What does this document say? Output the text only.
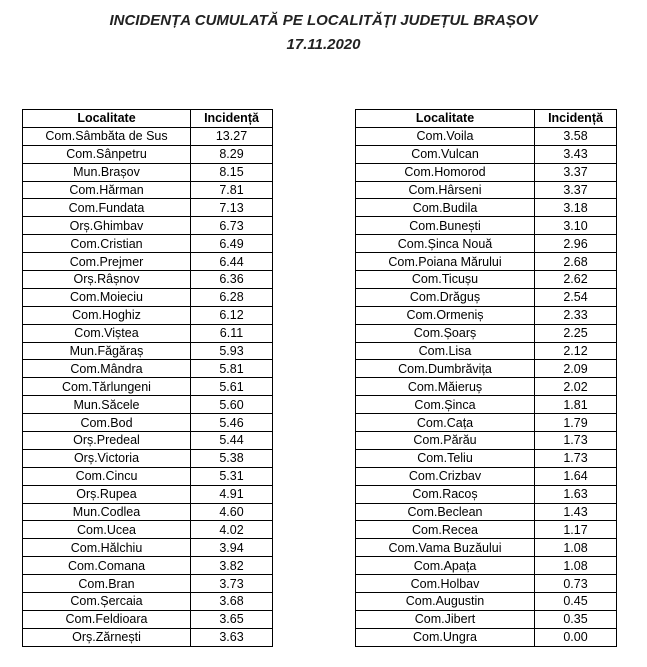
INCIDENȚA CUMULATĂ PE LOCALITĂȚI JUDEȚUL BRAȘOV
17.11.2020
Localitate	Incidență
Com.Sâmbăta de Sus	13.27
Com.Sânpetru	8.29
Mun.Brașov	8.15
Com.Hărman	7.81
Com.Fundata	7.13
Orș.Ghimbav	6.73
Com.Cristian	6.49
Com.Prejmer	6.44
Orș.Râșnov	6.36
Com.Moieciu	6.28
Com.Hoghiz	6.12
Com.Viștea	6.11
Mun.Făgăraș	5.93
Com.Mândra	5.81
Com.Tărlungeni	5.61
Mun.Săcele	5.60
Com.Bod	5.46
Orș.Predeal	5.44
Orș.Victoria	5.38
Com.Cincu	5.31
Orș.Rupea	4.91
Mun.Codlea	4.60
Com.Ucea	4.02
Com.Hălchiu	3.94
Com.Comana	3.82
Com.Bran	3.73
Com.Șercaia	3.68
Com.Feldioara	3.65
Orș.Zărnești	3.63
Localitate	Incidență
Com.Voila	3.58
Com.Vulcan	3.43
Com.Homorod	3.37
Com.Hârseni	3.37
Com.Budila	3.18
Com.Bunești	3.10
Com.Șinca Nouă	2.96
Com.Poiana Mărului	2.68
Com.Ticușu	2.62
Com.Drăguș	2.54
Com.Ormeniș	2.33
Com.Șoarș	2.25
Com.Lisa	2.12
Com.Dumbrăvița	2.09
Com.Măieruș	2.02
Com.Șinca	1.81
Com.Cața	1.79
Com.Părău	1.73
Com.Teliu	1.73
Com.Crizbav	1.64
Com.Racoș	1.63
Com.Beclean	1.43
Com.Recea	1.17
Com.Vama Buzăului	1.08
Com.Apața	1.08
Com.Holbav	0.73
Com.Augustin	0.45
Com.Jibert	0.35
Com.Ungra	0.00
